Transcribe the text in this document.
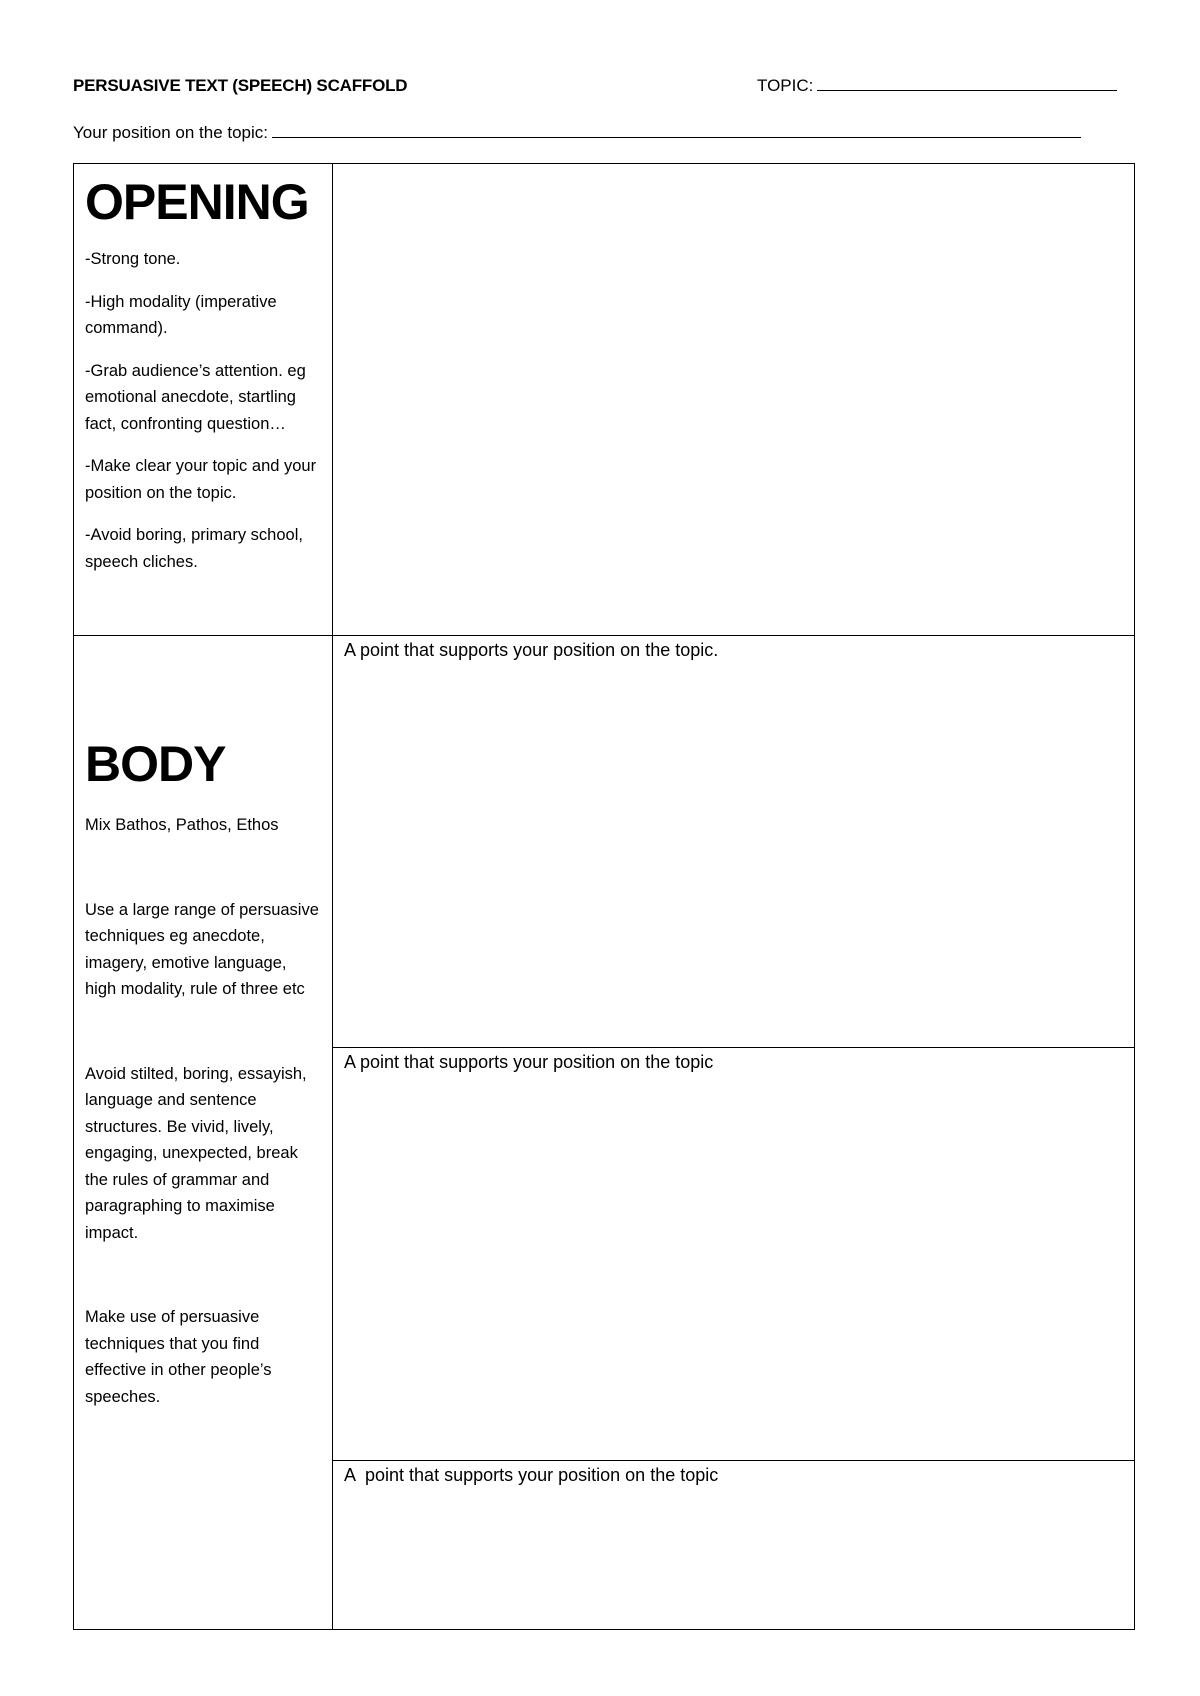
PERSUASIVE TEXT (SPEECH) SCAFFOLD	TOPIC:
Your position on the topic:
OPENING

-Strong tone.

-High modality (imperative command).

-Grab audience’s attention. eg emotional anecdote, startling fact, confronting question…

-Make clear your topic and your position on the topic.

-Avoid boring, primary school, speech cliches.

BODY

Mix Bathos, Pathos, Ethos

Use a large range of persuasive techniques eg anecdote, imagery, emotive language, high modality, rule of three etc

Avoid stilted, boring, essayish, language and sentence structures. Be vivid, lively, engaging, unexpected, break the rules of grammar and paragraphing to maximise impact.

Make use of persuasive techniques that you find effective in other people’s speeches.

A point that supports your position on the topic.
A point that supports your position on the topic
A  point that supports your position on the topic
